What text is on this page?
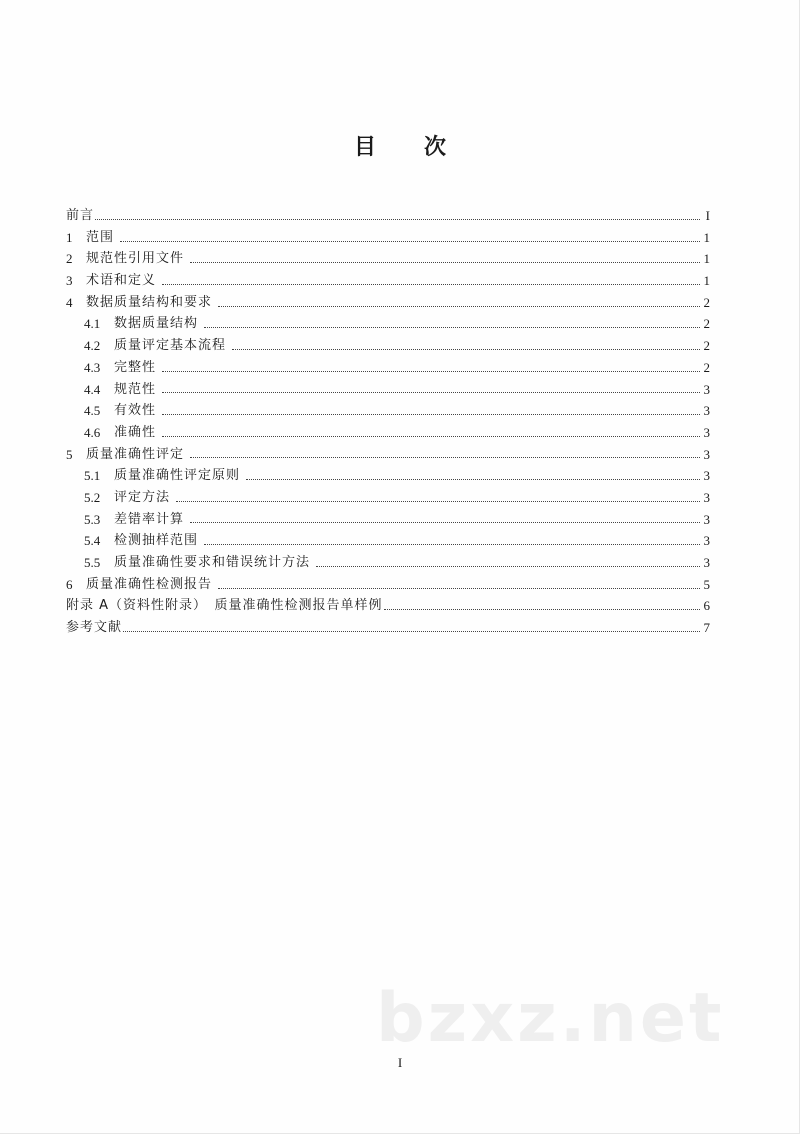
目 次
前言	I
1	范围	1
2	规范性引用文件	1
3	术语和定义	1
4	数据质量结构和要求	2
4.1	数据质量结构	2
4.2	质量评定基本流程	2
4.3	完整性	2
4.4	规范性	3
4.5	有效性	3
4.6	准确性	3
5	质量准确性评定	3
5.1	质量准确性评定原则	3
5.2	评定方法	3
5.3	差错率计算	3
5.4	检测抽样范围	3
5.5	质量准确性要求和错误统计方法	3
6	质量准确性检测报告	5
附录 A（资料性附录）　质量准确性检测报告单样例	6
参考文献	7
bzxz.net
I
